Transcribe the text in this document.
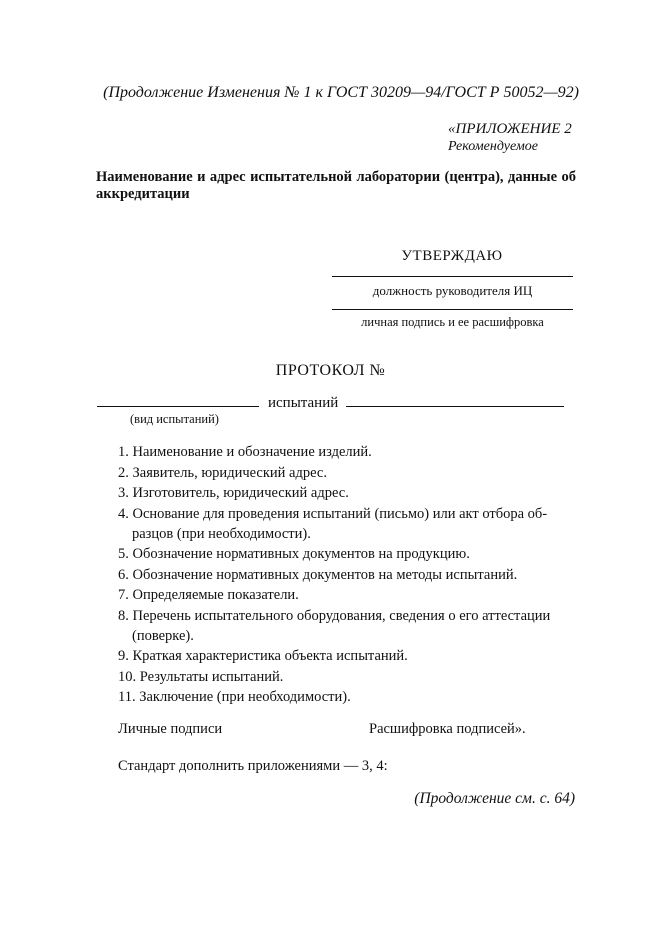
(Продолжение Изменения № 1 к ГОСТ 30209—94/ГОСТ Р 50052—92)
«ПРИЛОЖЕНИЕ 2
Рекомендуемое
Наименование и адрес испытательной лаборатории (центра), данные об аккредитации
УТВЕРЖДАЮ
должность руководителя ИЦ
личная подпись и ее расшифровка
ПРОТОКОЛ №
испытаний
(вид испытаний)
1. Наименование и обозначение изделий.
2. Заявитель, юридический адрес.
3. Изготовитель, юридический адрес.
4. Основание для проведения испытаний (письмо) или акт отбора об-
разцов (при необходимости).
5. Обозначение нормативных документов на продукцию.
6. Обозначение нормативных документов на методы испытаний.
7. Определяемые показатели.
8. Перечень испытательного оборудования, сведения о его аттестации
(поверке).
9. Краткая характеристика объекта испытаний.
10. Результаты испытаний.
11. Заключение (при необходимости).
Личные подписи	Расшифровка подписей».
Стандарт дополнить приложениями — 3, 4:
(Продолжение см. с. 64)
